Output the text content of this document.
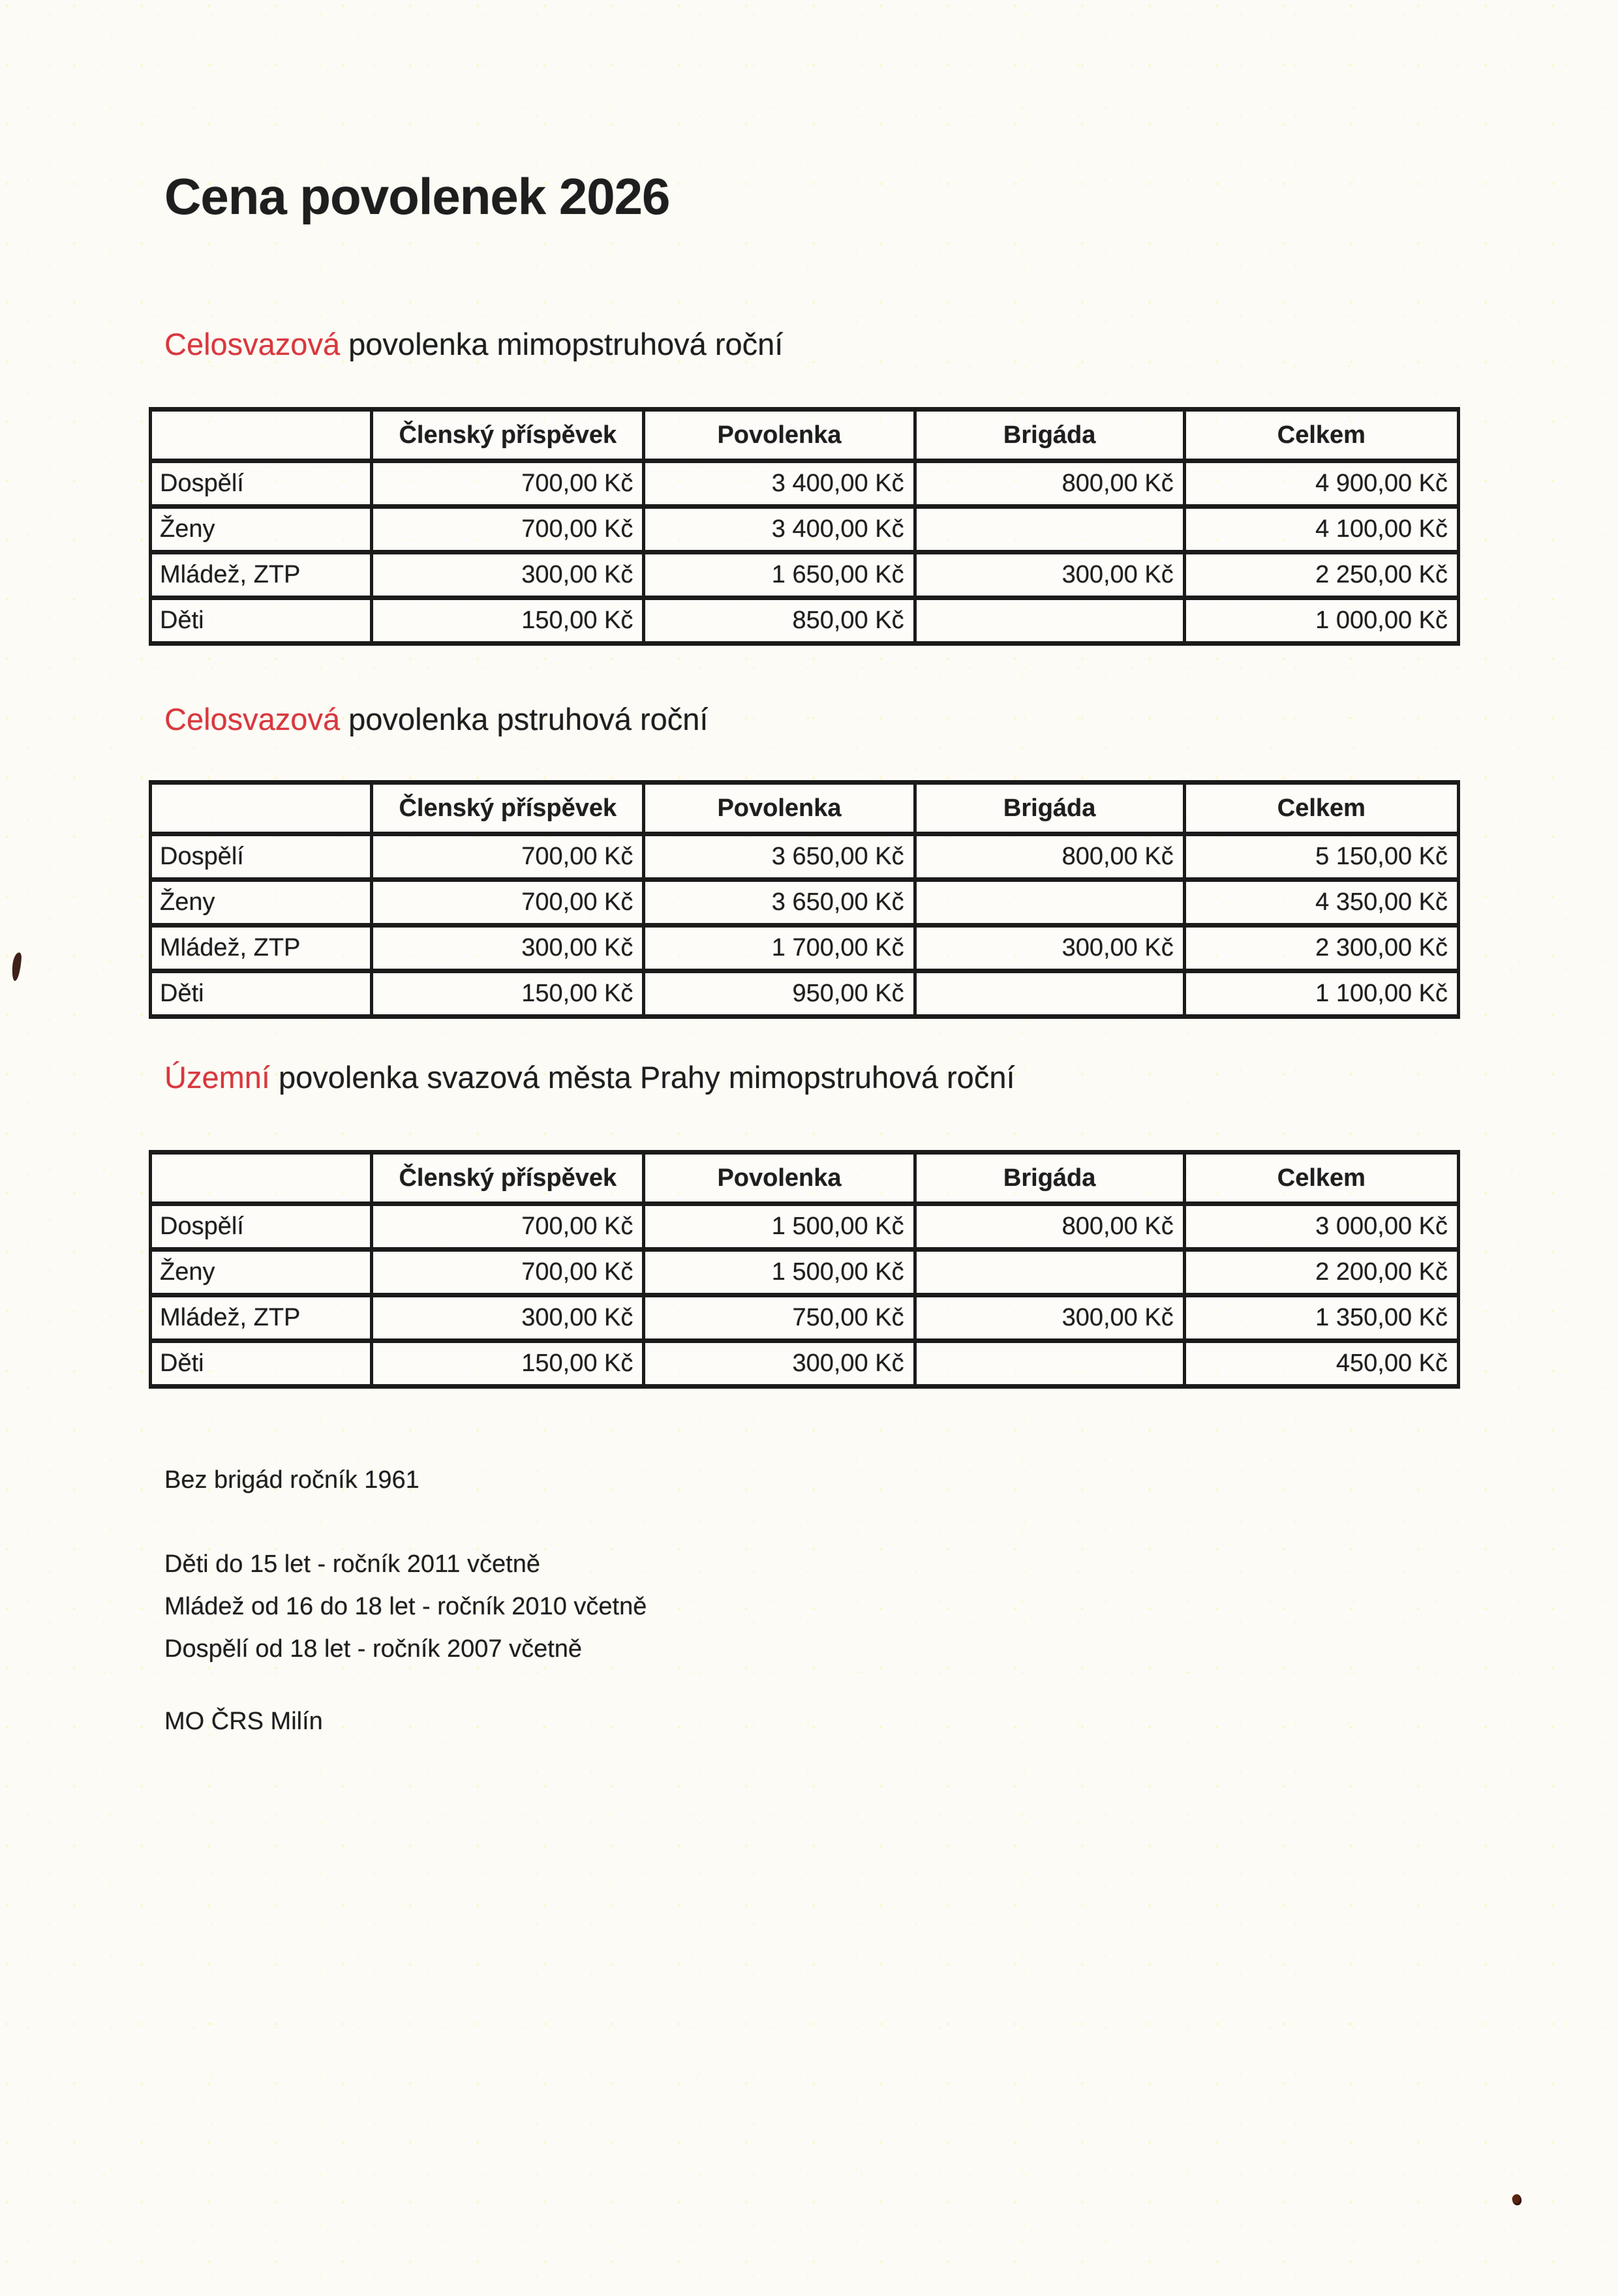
Cena povolenek 2026
Celosvazová povolenka mimopstruhová roční
	Členský příspěvek	Povolenka	Brigáda	Celkem
Dospělí	700,00 Kč	3 400,00 Kč	800,00 Kč	4 900,00 Kč
Ženy	700,00 Kč	3 400,00 Kč		4 100,00 Kč
Mládež, ZTP	300,00 Kč	1 650,00 Kč	300,00 Kč	2 250,00 Kč
Děti	150,00 Kč	850,00 Kč		1 000,00 Kč
Celosvazová povolenka pstruhová roční
	Členský příspěvek	Povolenka	Brigáda	Celkem
Dospělí	700,00 Kč	3 650,00 Kč	800,00 Kč	5 150,00 Kč
Ženy	700,00 Kč	3 650,00 Kč		4 350,00 Kč
Mládež, ZTP	300,00 Kč	1 700,00 Kč	300,00 Kč	2 300,00 Kč
Děti	150,00 Kč	950,00 Kč		1 100,00 Kč
Územní povolenka svazová města Prahy mimopstruhová roční
	Členský příspěvek	Povolenka	Brigáda	Celkem
Dospělí	700,00 Kč	1 500,00 Kč	800,00 Kč	3 000,00 Kč
Ženy	700,00 Kč	1 500,00 Kč		2 200,00 Kč
Mládež, ZTP	300,00 Kč	750,00 Kč	300,00 Kč	1 350,00 Kč
Děti	150,00 Kč	300,00 Kč		450,00 Kč
Bez brigád ročník 1961
Děti do 15 let - ročník 2011 včetně
Mládež od 16 do 18 let - ročník 2010 včetně
Dospělí od 18 let - ročník 2007 včetně
MO ČRS Milín
